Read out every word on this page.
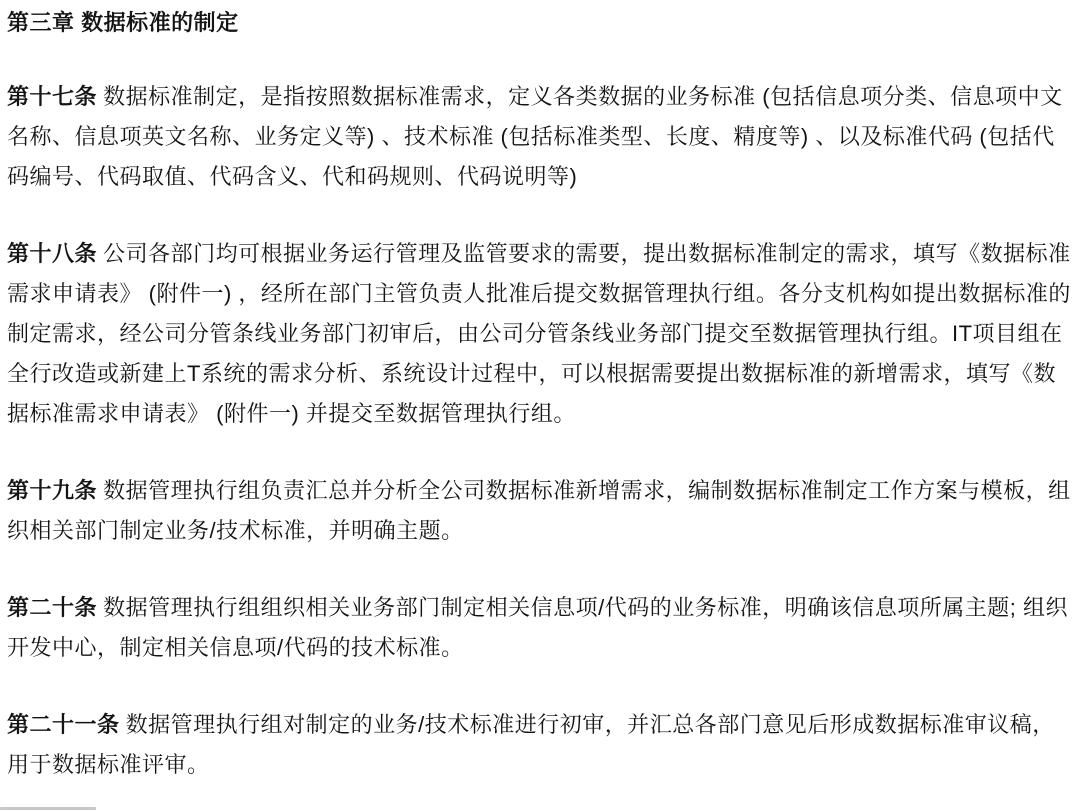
第三章 数据标准的制定

第十七条 数据标准制定，是指按照数据标准需求，定义各类数据的业务标准 (包括信息项分类、信息项中文名称、信息项英文名称、业务定义等) 、技术标准 (包括标准类型、长度、精度等) 、以及标准代码 (包括代码编号、代码取值、代码含义、代和码规则、代码说明等)

第十八条 公司各部门均可根据业务运行管理及监管要求的需要，提出数据标准制定的需求，填写《数据标准需求申请表》 (附件一) ，经所在部门主管负责人批准后提交数据管理执行组。各分支机构如提出数据标准的制定需求，经公司分管条线业务部门初审后，由公司分管条线业务部门提交至数据管理执行组。IT项目组在全行改造或新建上T系统的需求分析、系统设计过程中，可以根据需要提出数据标准的新增需求，填写《数据标准需求申请表》 (附件一) 并提交至数据管理执行组。

第十九条 数据管理执行组负责汇总并分析全公司数据标准新增需求，编制数据标准制定工作方案与模板，组织相关部门制定业务/技术标准，并明确主题。

第二十条 数据管理执行组组织相关业务部门制定相关信息项/代码的业务标准，明确该信息项所属主题; 组织开发中心，制定相关信息项/代码的技术标准。

第二十一条 数据管理执行组对制定的业务/技术标准进行初审，并汇总各部门意见后形成数据标准审议稿，用于数据标准评审。
